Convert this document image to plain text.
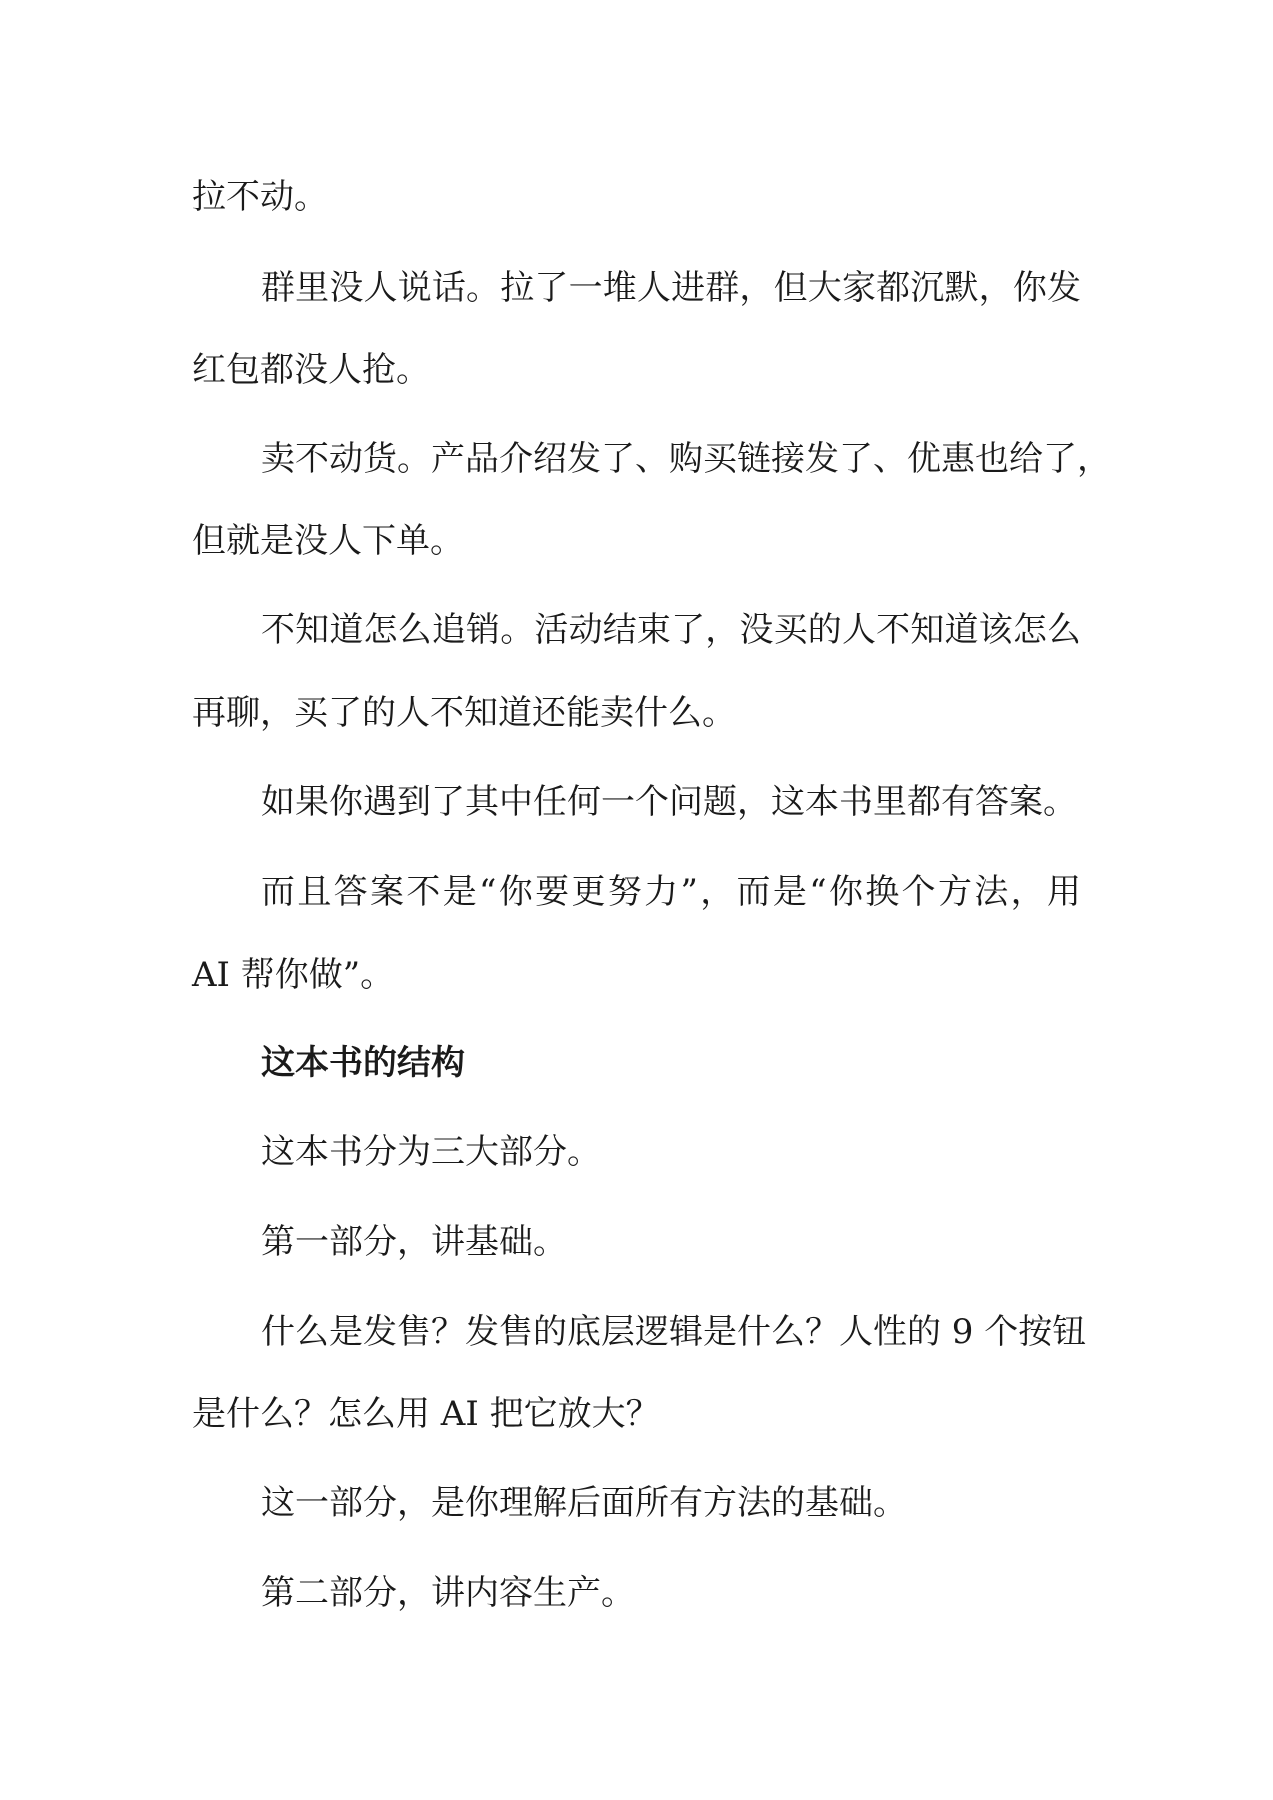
拉不动。

群里没人说话。拉了一堆人进群，但大家都沉默，你发

红包都没人抢。

卖不动货。产品介绍发了、购买链接发了、优惠也给了，

但就是没人下单。

不知道怎么追销。活动结束了，没买的人不知道该怎么

再聊，买了的人不知道还能卖什么。

如果你遇到了其中任何一个问题，这本书里都有答案。

而且答案不是“你要更努力”，而是“你换个方法，用

AI 帮你做”。

这本书的结构

这本书分为三大部分。

第一部分，讲基础。

什么是发售？发售的底层逻辑是什么？人性的 9 个按钮

是什么？怎么用 AI 把它放大？

这一部分，是你理解后面所有方法的基础。

第二部分，讲内容生产。
